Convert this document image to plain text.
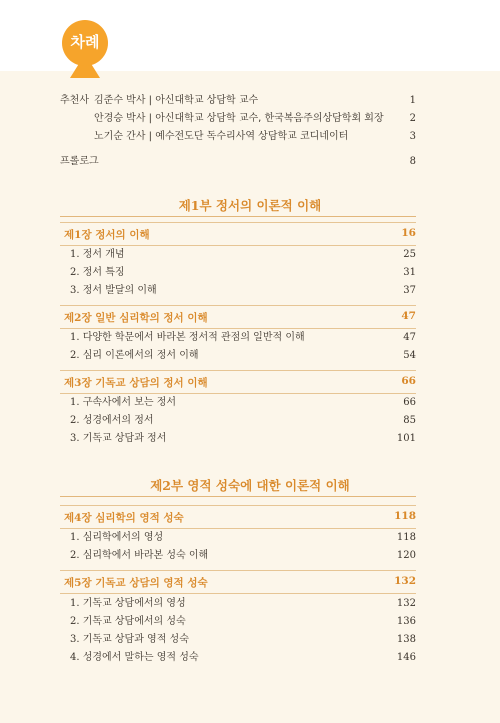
차례
추천사 김준수 박사 | 아신대학교 상담학 교수	1
안경승 박사 | 아신대학교 상담학 교수, 한국복음주의상담학회 회장	2
노기순 간사 | 예수전도단 독수리사역 상담학교 코디네이터	3
프롤로그	8
제1부 정서의 이론적 이해
제1장 정서의 이해	16
1. 정서 개념	25
2. 정서 특징	31
3. 정서 발달의 이해	37
제2장 일반 심리학의 정서 이해	47
1. 다양한 학문에서 바라본 정서적 관점의 일반적 이해	47
2. 심리 이론에서의 정서 이해	54
제3장 기독교 상담의 정서 이해	66
1. 구속사에서 보는 정서	66
2. 성경에서의 정서	85
3. 기독교 상담과 정서	101
제2부 영적 성숙에 대한 이론적 이해
제4장 심리학의 영적 성숙	118
1. 심리학에서의 영성	118
2. 심리학에서 바라본 성숙 이해	120
제5장 기독교 상담의 영적 성숙	132
1. 기독교 상담에서의 영성	132
2. 기독교 상담에서의 성숙	136
3. 기독교 상담과 영적 성숙	138
4. 성경에서 말하는 영적 성숙	146
